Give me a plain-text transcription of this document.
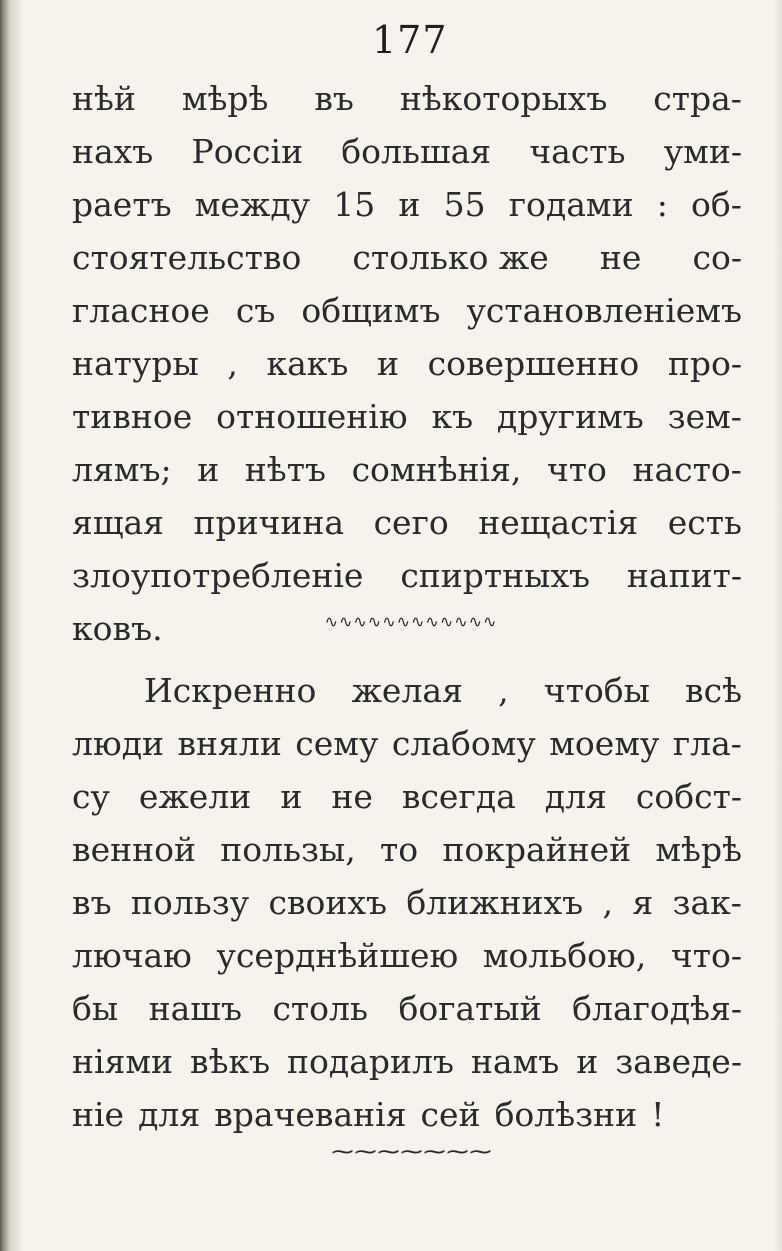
177
нѣй мѣрѣ въ нѣкоторыхъ стра-
нахъ Россіи большая часть уми-
раетъ между 15 и 55 годами : об-
стоятельство столько же не со-
гласное съ общимъ установленіемъ
натуры , какъ и совершенно про-
тивное отношенію къ другимъ зем-
лямъ; и нѣтъ сомнѣнія, что насто-
ящая причина сего нещастія есть
злоупотребленіе спиртныхъ напит-
ковъ.	∿∿∿∿∿∿∿∿∿∿∿∿
Искренно желая , чтобы всѣ
люди вняли сему слабому моему гла-
су ежели и не всегда для собст-
венной пользы, то покрайней мѣрѣ
въ пользу своихъ ближнихъ , я зак-
лючаю усерднѣйшею мольбою, что-
бы нашъ столь богатый благодѣя-
ніями вѣкъ подарилъ намъ и заведе-
ніе для врачеванія сей болѣзни !
⁓⁓⁓⁓⁓⁓⁓
